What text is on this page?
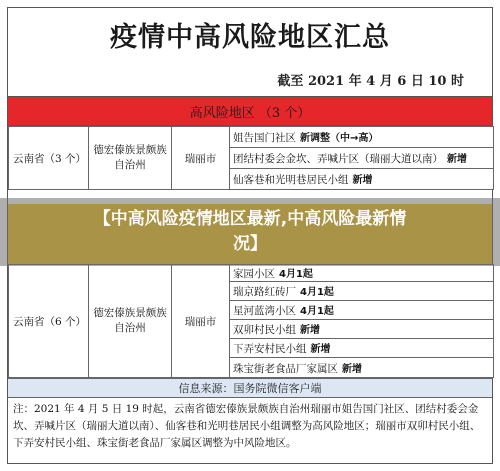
疫情中高风险地区汇总
截至 2021 年 4 月 6 日 10 时
高风险地区 （3 个）
云南省（3 个）	德宏傣族景颇族自治州	瑞丽市	姐告国门社区 新调整（中→高）
团结村委会金坎、弄喊片区（瑞丽大道以南） 新增
仙客巷和光明巷居民小组 新增
云南省（6 个）	德宏傣族景颇族自治州	瑞丽市	家园小区 4月1起
瑞京路红砖厂 4月1起
星河蓝湾小区 4月1起
双卯村民小组 新增
下弄安村民小组 新增
珠宝街老食品厂家属区 新增
信息来源：国务院微信客户端
注：2021 年 4 月 5 日 19 时起，云南省德宏傣族景颇族自治州瑞丽市姐告国门社区、团结村委会金坎、弄喊片区（瑞丽大道以南）、仙客巷和光明巷居民小组调整为高风险地区；瑞丽市双卯村民小组、下弄安村民小组、珠宝街老食品厂家属区调整为中风险地区。
【中高风险疫情地区最新,中高风险最新情况】
